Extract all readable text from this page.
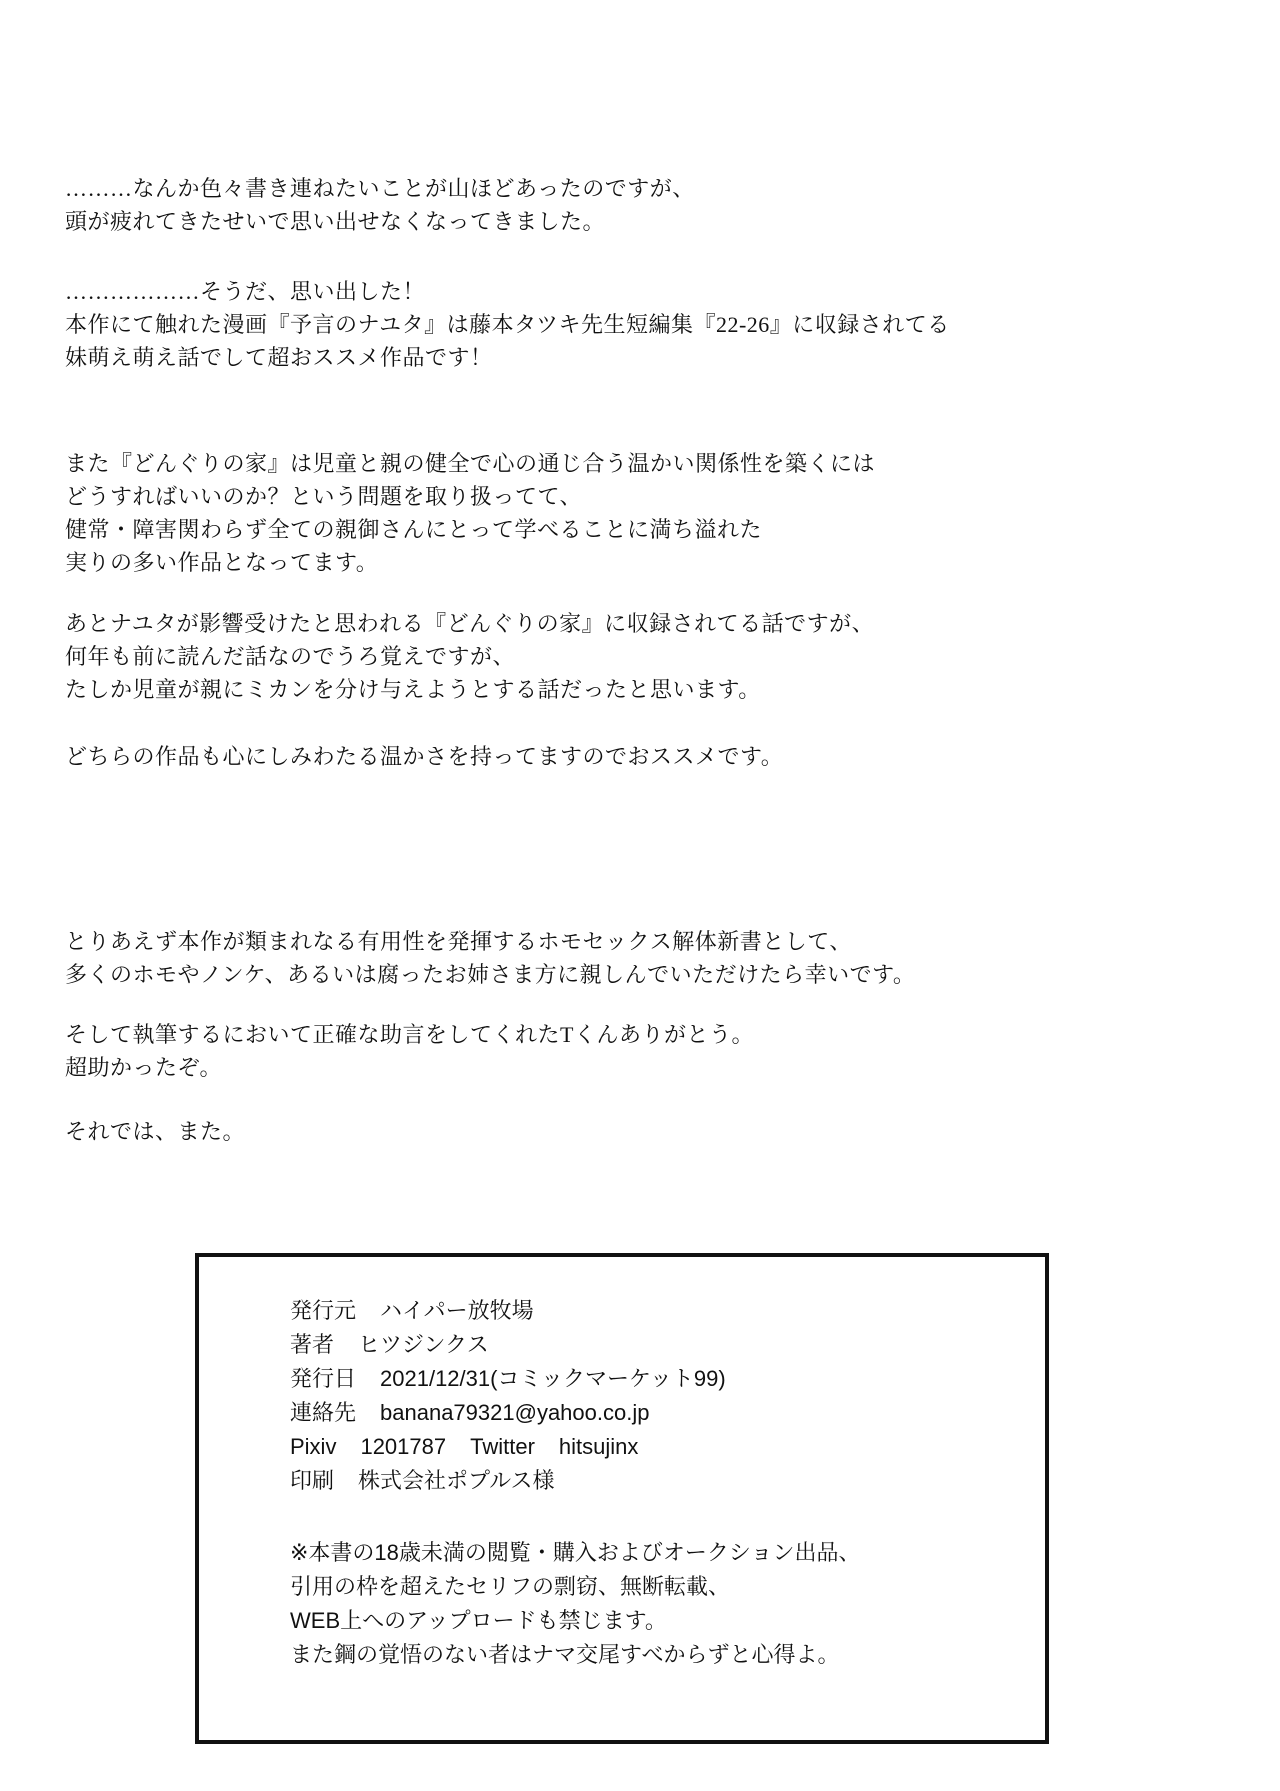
………なんか色々書き連ねたいことが山ほどあったのですが、
頭が疲れてきたせいで思い出せなくなってきました。
………………そうだ、思い出した！
本作にて触れた漫画『予言のナユタ』は藤本タツキ先生短編集『22-26』に収録されてる
妹萌え萌え話でして超おススメ作品です！
また『どんぐりの家』は児童と親の健全で心の通じ合う温かい関係性を築くには
どうすればいいのか？という問題を取り扱ってて、
健常・障害関わらず全ての親御さんにとって学べることに満ち溢れた
実りの多い作品となってます。
あとナユタが影響受けたと思われる『どんぐりの家』に収録されてる話ですが、
何年も前に読んだ話なのでうろ覚えですが、
たしか児童が親にミカンを分け与えようとする話だったと思います。
どちらの作品も心にしみわたる温かさを持ってますのでおススメです。
とりあえず本作が類まれなる有用性を発揮するホモセックス解体新書として、
多くのホモやノンケ、あるいは腐ったお姉さま方に親しんでいただけたら幸いです。
そして執筆するにおいて正確な助言をしてくれたTくんありがとう。
超助かったぞ。
それでは、また。
発行元 ハイパー放牧場
著者 ヒツジンクス
発行日 2021/12/31(コミックマーケット99)
連絡先 banana79321@yahoo.co.jp
Pixiv 1201787 Twitter hitsujinx
印刷 株式会社ポプルス様
※本書の18歳未満の閲覧・購入およびオークション出品、
引用の枠を超えたセリフの剽窃、無断転載、
WEB上へのアップロードも禁じます。
また鋼の覚悟のない者はナマ交尾すべからずと心得よ。
